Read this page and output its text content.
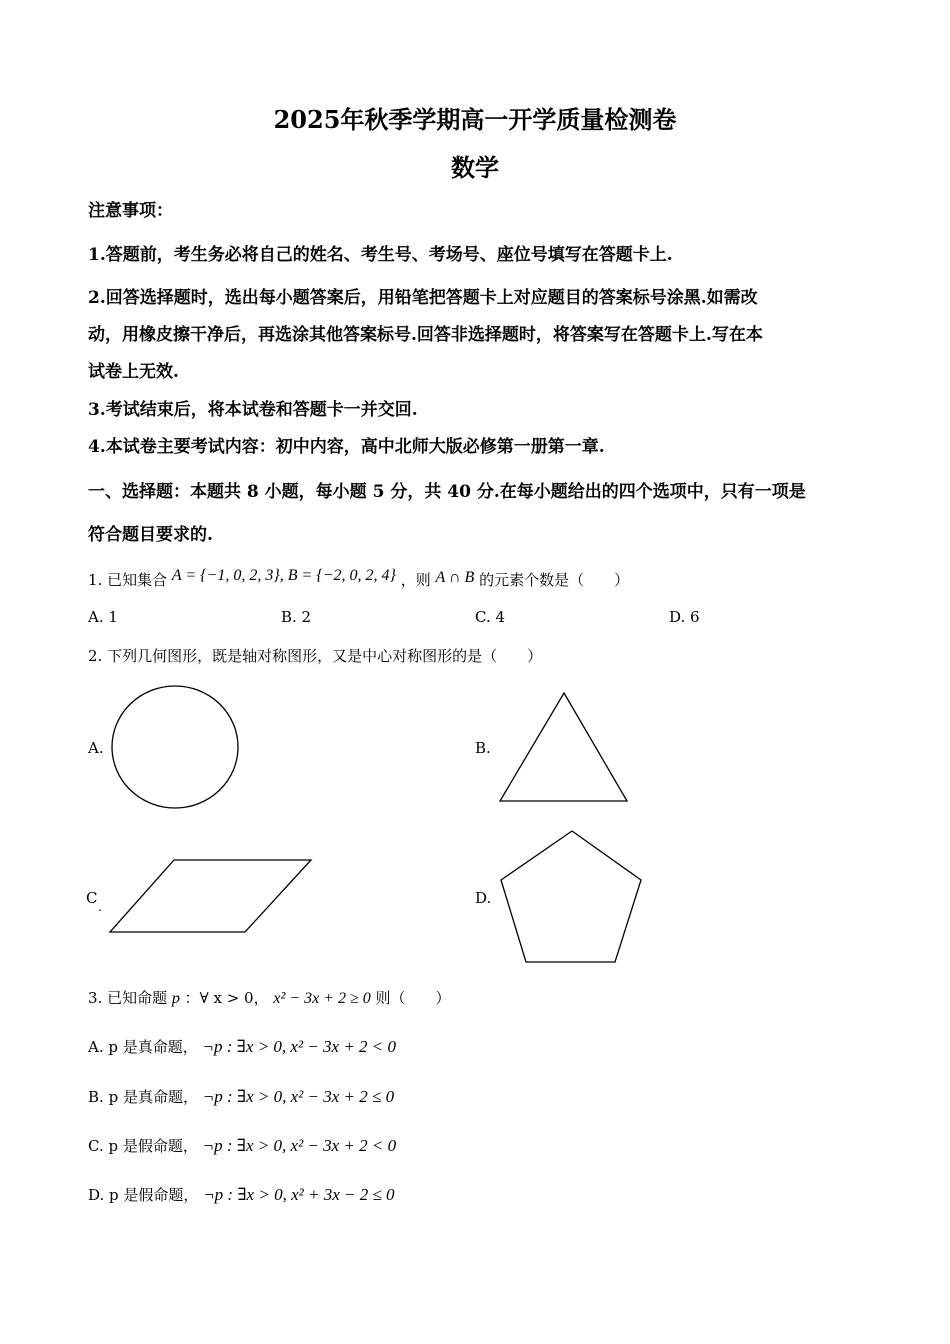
2025年秋季学期高一开学质量检测卷
数学
注意事项：
1.答题前，考生务必将自己的姓名、考生号、考场号、座位号填写在答题卡上.
2.回答选择题时，选出每小题答案后，用铅笔把答题卡上对应题目的答案标号涂黑.如需改
动，用橡皮擦干净后，再选涂其他答案标号.回答非选择题时，将答案写在答题卡上.写在本
试卷上无效.
3.考试结束后，将本试卷和答题卡一并交回.
4.本试卷主要考试内容：初中内容，高中北师大版必修第一册第一章.
一、选择题：本题共 8 小题，每小题 5 分，共 40 分.在每小题给出的四个选项中，只有一项是
符合题目要求的.
1. 已知集合 A = {−1, 0, 2, 3}, B = {−2, 0, 2, 4} ，则 A ∩ B 的元素个数是（　　）
A. 1	B. 2	C. 4	D. 6
2. 下列几何图形，既是轴对称图形，又是中心对称图形的是（　　）
A.	B.
C .	D.
3. 已知命题 p ：∀ x > 0， x² − 3x + 2 ≥ 0 则（　　）
A. p 是真命题， ¬p : ∃x > 0, x² − 3x + 2 < 0
B. p 是真命题， ¬p : ∃x > 0, x² − 3x + 2 ≤ 0
C. p 是假命题， ¬p : ∃x > 0, x² − 3x + 2 < 0
D. p 是假命题， ¬p : ∃x > 0, x² + 3x − 2 ≤ 0
